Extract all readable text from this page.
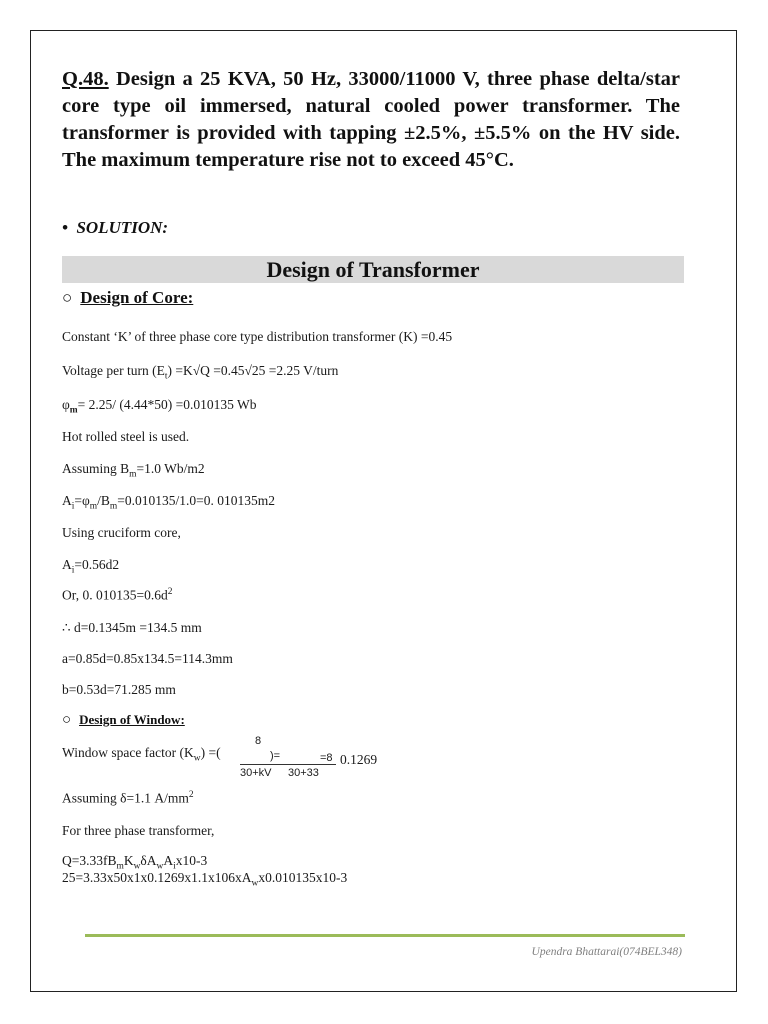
Q.48. Design a 25 KVA, 50 Hz, 33000/11000 V, three phase delta/star core type oil immersed, natural cooled power transformer. The transformer is provided with tapping ±2.5%, ±5.5% on the HV side. The maximum temperature rise not to exceed 45°C.
• SOLUTION:
Design of Transformer
○ Design of Core:
Constant ‘K’ of three phase core type distribution transformer (K) =0.45
Voltage per turn $(E_t) =K√Q =0.45√25 =2.25$ V/turn
$\varphi_m= 2.25/$ (4.44*50) =0.010135 Wb
Hot rolled steel is used.
Assuming $B_m=1.0$ Wb/m2
$A_i=\varphi_m/B_m=0.010135/1.0=0$. 010135m2
Using cruciform core,
$A_i=0.56d2$
Or, 0. $010135=0.6d^2$
∴ d=0.1345m =134.5 mm
a=0.85d=0.85x134.5=114.3mm
b=0.53d=71.285 mm
○ Design of Window:
Window space factor $(K_w)$ =(
8
)=
30+kV 30+33
=8 0.1269
Assuming δ=1.1 $A/mm^2$
For three phase transformer,
$Q=3.33fB_mK_w\delta A_wA_ix10-3$
$25=3.33x50x1x0.1269x1.1x106xA_wx0.010135x10-3$
Upendra Bhattarai(074BEL348)
